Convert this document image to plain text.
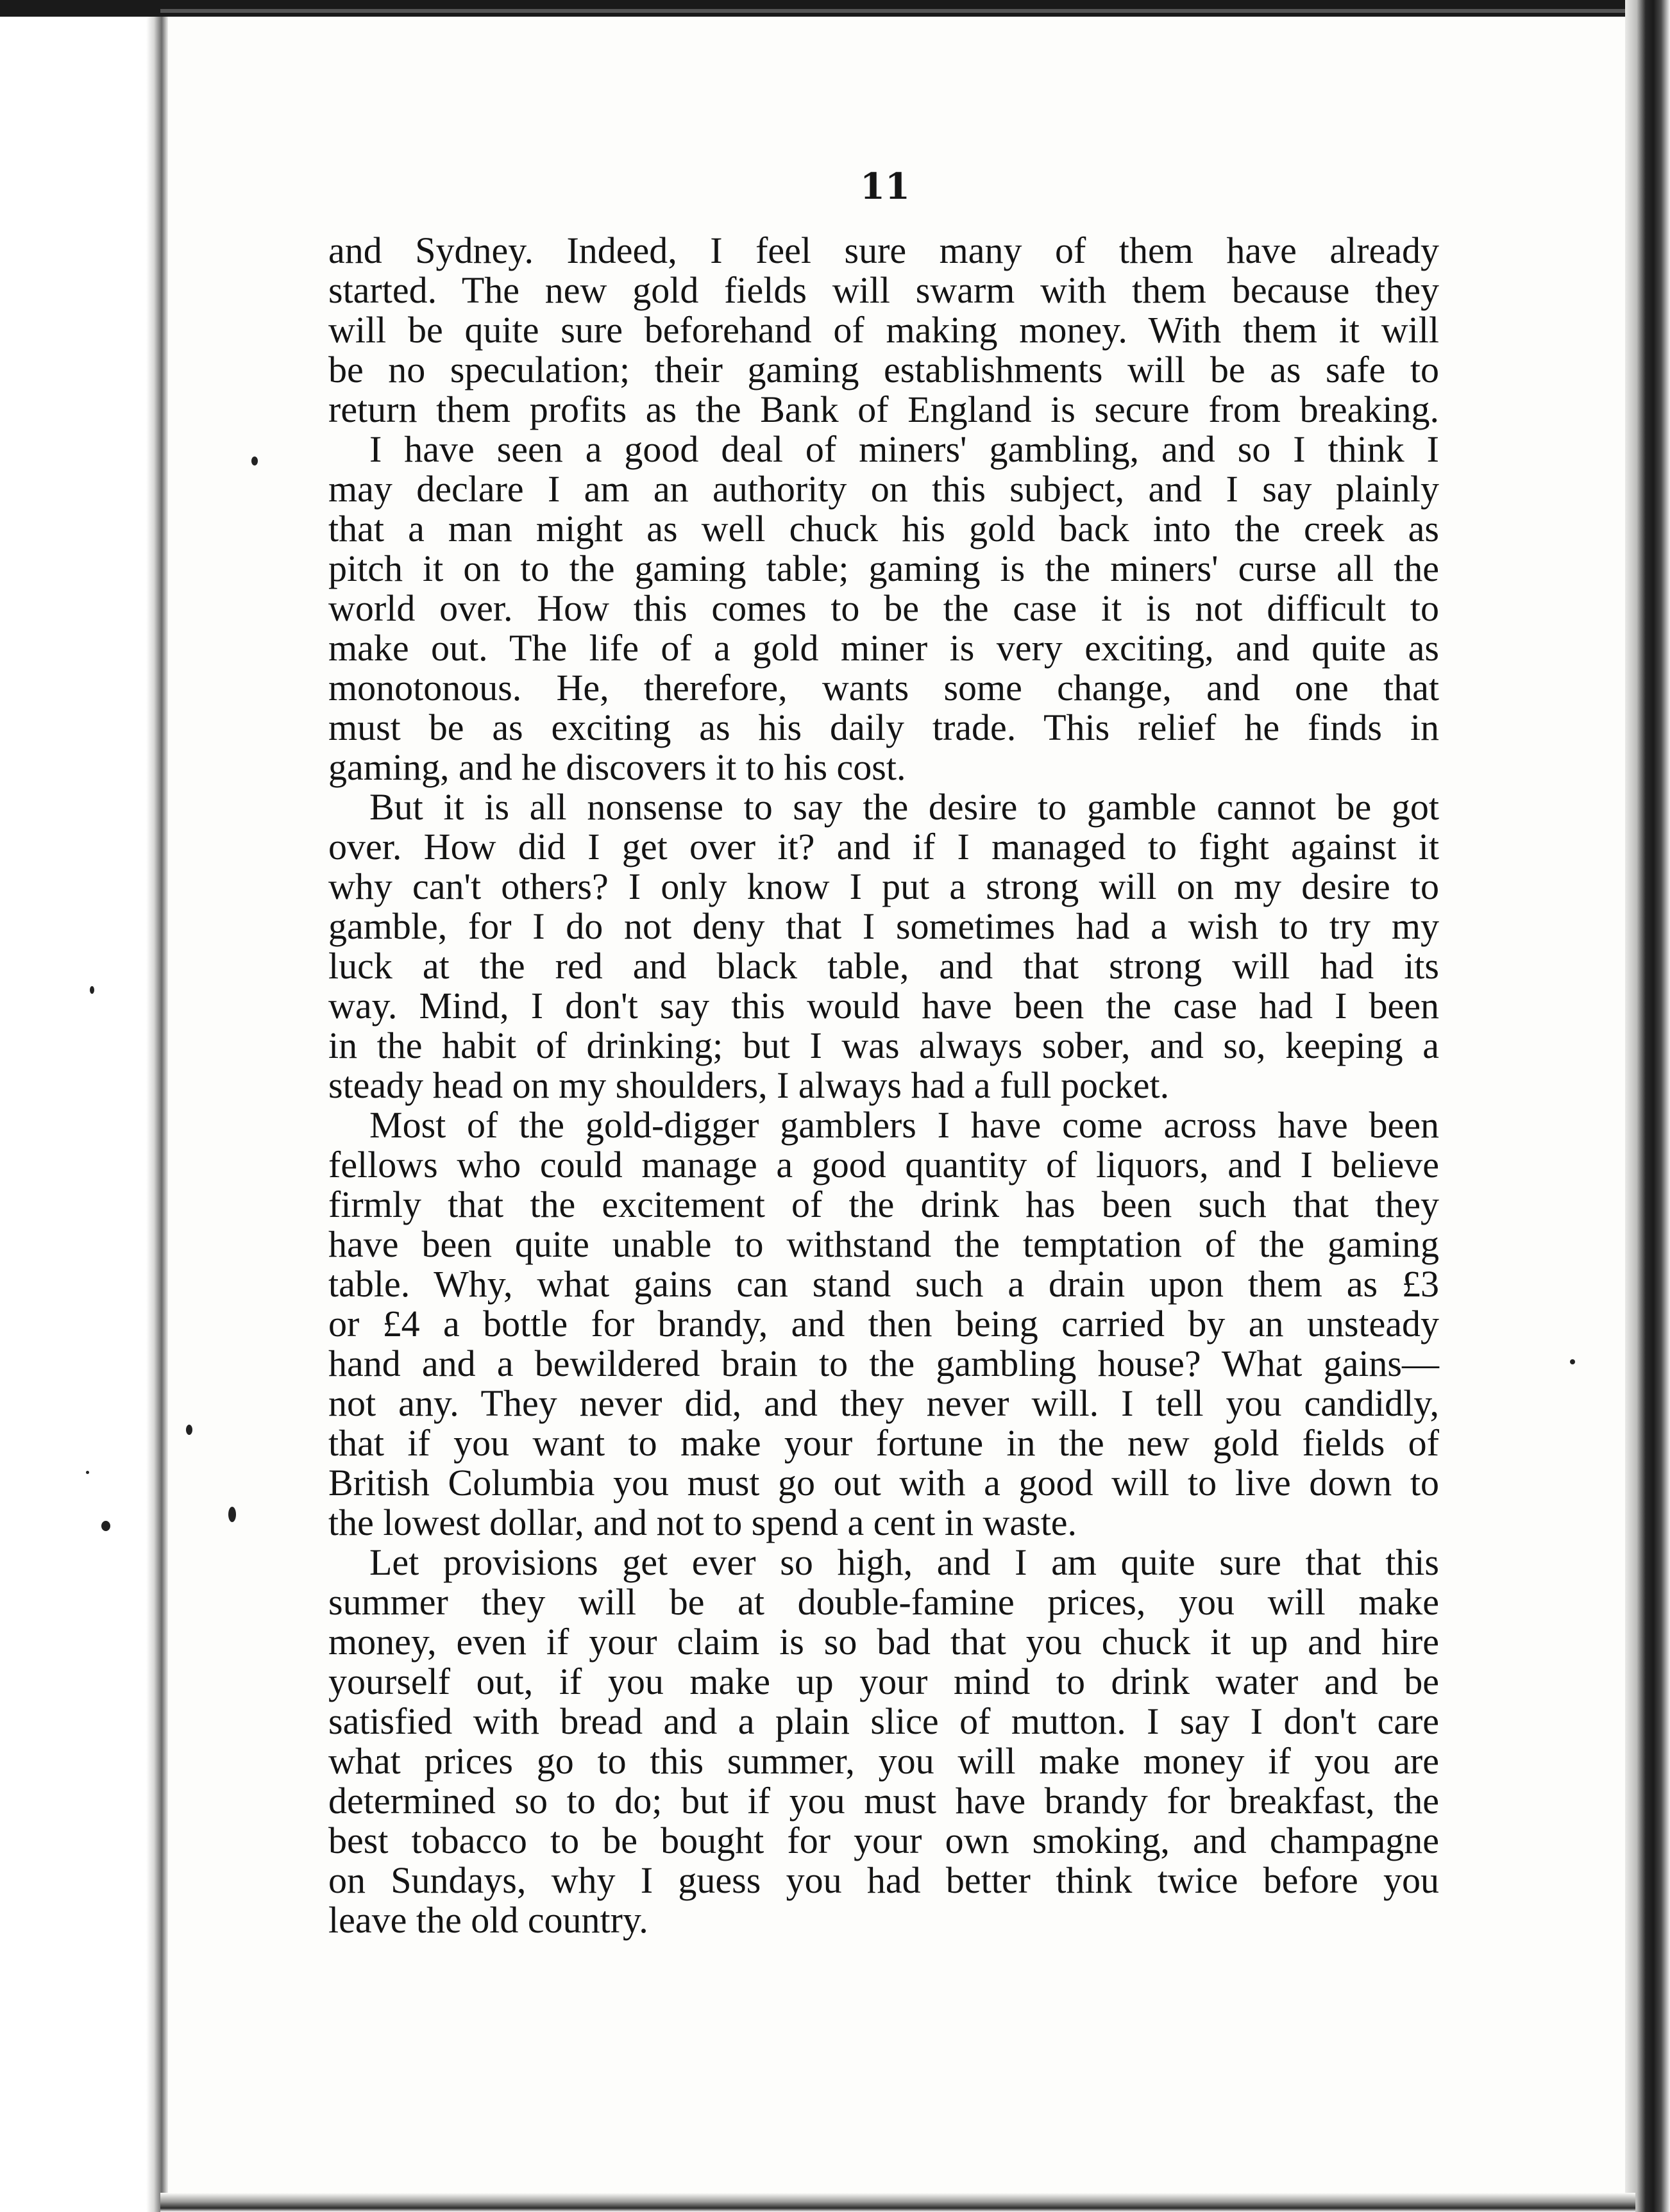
11
and Sydney. Indeed, I feel sure many of them have already
started. The new gold fields will swarm with them because they
will be quite sure beforehand of making money. With them it will
be no speculation; their gaming establishments will be as safe to
return them profits as the Bank of England is secure from breaking.
I have seen a good deal of miners' gambling, and so I think I
may declare I am an authority on this subject, and I say plainly
that a man might as well chuck his gold back into the creek as
pitch it on to the gaming table; gaming is the miners' curse all the
world over. How this comes to be the case it is not difficult to
make out. The life of a gold miner is very exciting, and quite as
monotonous. He, therefore, wants some change, and one that
must be as exciting as his daily trade. This relief he finds in
gaming, and he discovers it to his cost.
But it is all nonsense to say the desire to gamble cannot be got
over. How did I get over it? and if I managed to fight against it
why can't others? I only know I put a strong will on my desire to
gamble, for I do not deny that I sometimes had a wish to try my
luck at the red and black table, and that strong will had its
way. Mind, I don't say this would have been the case had I been
in the habit of drinking; but I was always sober, and so, keeping a
steady head on my shoulders, I always had a full pocket.
Most of the gold-digger gamblers I have come across have been
fellows who could manage a good quantity of liquors, and I believe
firmly that the excitement of the drink has been such that they
have been quite unable to withstand the temptation of the gaming
table. Why, what gains can stand such a drain upon them as £3
or £4 a bottle for brandy, and then being carried by an unsteady
hand and a bewildered brain to the gambling house? What gains—
not any. They never did, and they never will. I tell you candidly,
that if you want to make your fortune in the new gold fields of
British Columbia you must go out with a good will to live down to
the lowest dollar, and not to spend a cent in waste.
Let provisions get ever so high, and I am quite sure that this
summer they will be at double-famine prices, you will make
money, even if your claim is so bad that you chuck it up and hire
yourself out, if you make up your mind to drink water and be
satisfied with bread and a plain slice of mutton. I say I don't care
what prices go to this summer, you will make money if you are
determined so to do; but if you must have brandy for breakfast, the
best tobacco to be bought for your own smoking, and champagne
on Sundays, why I guess you had better think twice before you
leave the old country.
